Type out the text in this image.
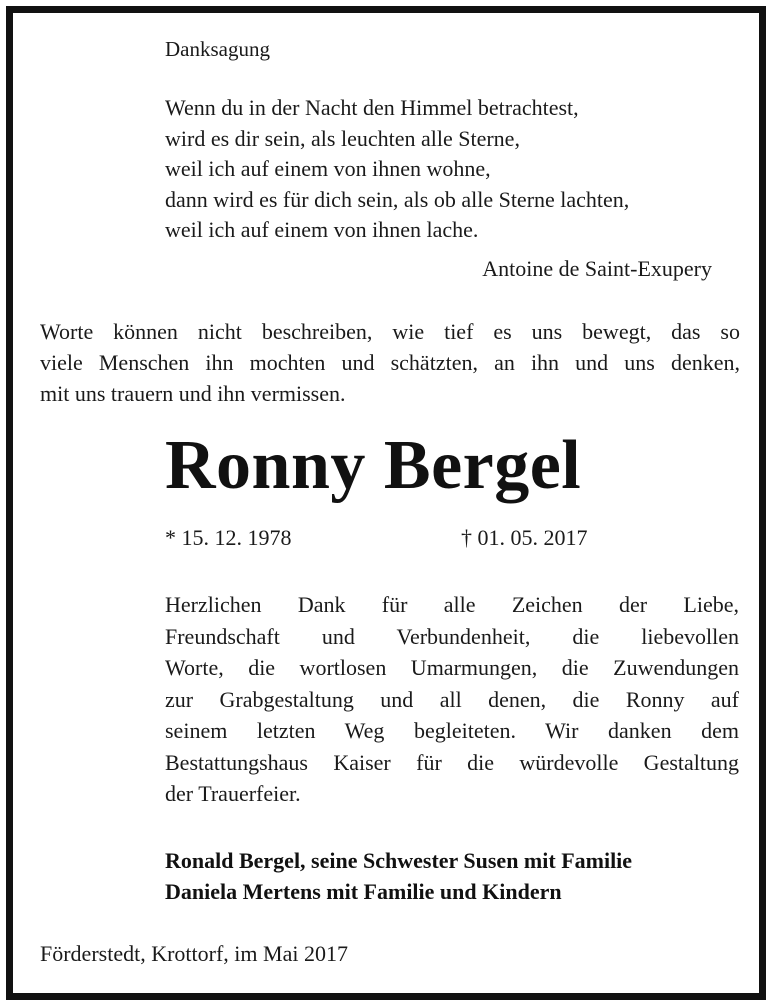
Danksagung
Wenn du in der Nacht den Himmel betrachtest,
wird es dir sein, als leuchten alle Sterne,
weil ich auf einem von ihnen wohne,
dann wird es für dich sein, als ob alle Sterne lachten,
weil ich auf einem von ihnen lache.
Antoine de Saint-Exupery
Worte können nicht beschreiben, wie tief es uns bewegt, das so
viele Menschen ihn mochten und schätzten, an ihn und uns denken,
mit uns trauern und ihn vermissen.
Ronny Bergel
* 15. 12. 1978	† 01. 05. 2017
Herzlichen Dank für alle Zeichen der Liebe,
Freundschaft und Verbundenheit, die liebevollen
Worte, die wortlosen Umarmungen, die Zuwendungen
zur Grabgestaltung und all denen, die Ronny auf
seinem letzten Weg begleiteten. Wir danken dem
Bestattungshaus Kaiser für die würdevolle Gestaltung
der Trauerfeier.
Ronald Bergel, seine Schwester Susen mit Familie
Daniela Mertens mit Familie und Kindern
Förderstedt, Krottorf, im Mai 2017
